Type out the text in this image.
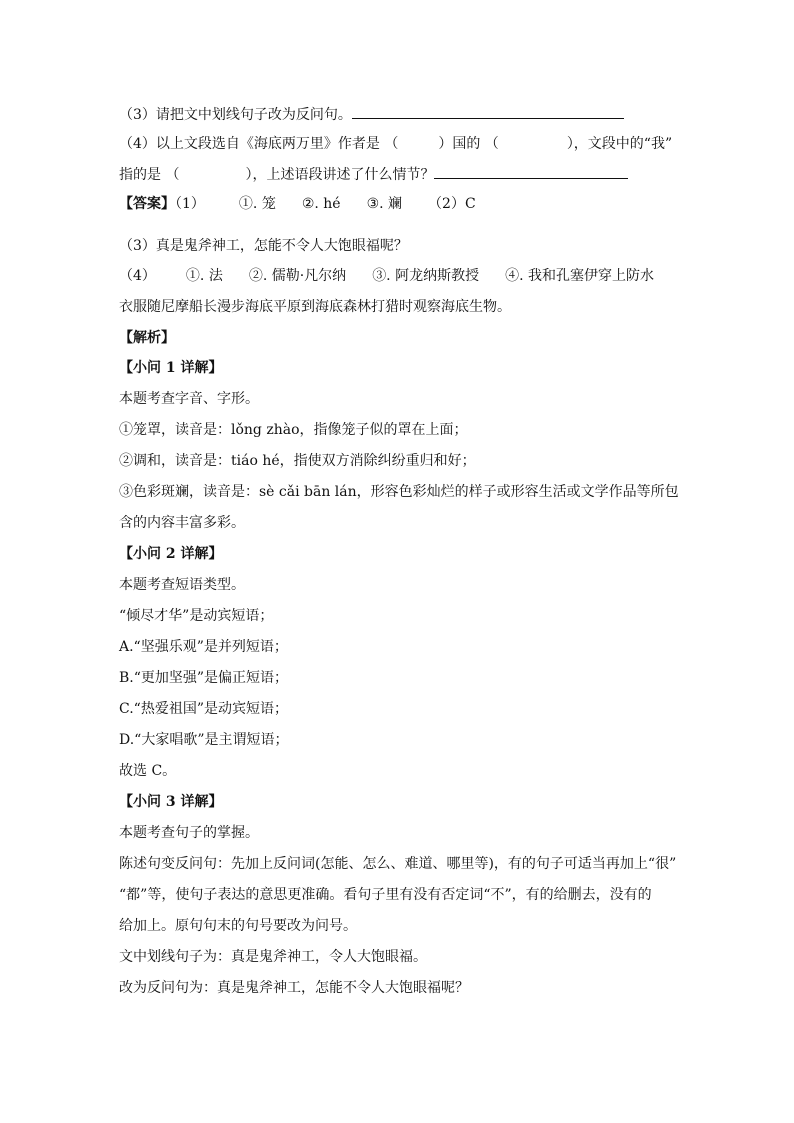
（3）请把文中划线句子改为反问句。
（4）以上文段选自《海底两万里》作者是 （	）国的 （	），文段中的“我”
指的是 （	），上述语段讲述了什么情节？
【答案】（1） ①. 笼 ②. hé ③. 斓 （2）C
（3）真是鬼斧神工，怎能不令人大饱眼福呢？
（4） ①. 法 ②. 儒勒·凡尔纳 ③. 阿龙纳斯教授 ④. 我和孔塞伊穿上防水
衣服随尼摩船长漫步海底平原到海底森林打猎时观察海底生物。
【解析】
【小问 1 详解】
本题考查字音、字形。
①笼罩，读音是：lǒng zhào，指像笼子似的罩在上面；
②调和，读音是：tiáo hé，指使双方消除纠纷重归和好；
③色彩斑斓，读音是：sè cǎi bān lán，形容色彩灿烂的样子或形容生活或文学作品等所包
含的内容丰富多彩。
【小问 2 详解】
本题考查短语类型。
“倾尽才华”是动宾短语；
A.“坚强乐观”是并列短语；
B.“更加坚强”是偏正短语；
C.“热爱祖国”是动宾短语；
D.“大家唱歌”是主谓短语；
故选 C。
【小问 3 详解】
本题考查句子的掌握。
陈述句变反问句：先加上反问词(怎能、怎么、难道、哪里等)，有的句子可适当再加上“很”
“都”等，使句子表达的意思更准确。看句子里有没有否定词“不”，有的给删去，没有的
给加上。原句句末的句号要改为问号。
文中划线句子为：真是鬼斧神工，令人大饱眼福。
改为反问句为：真是鬼斧神工，怎能不令人大饱眼福呢？
